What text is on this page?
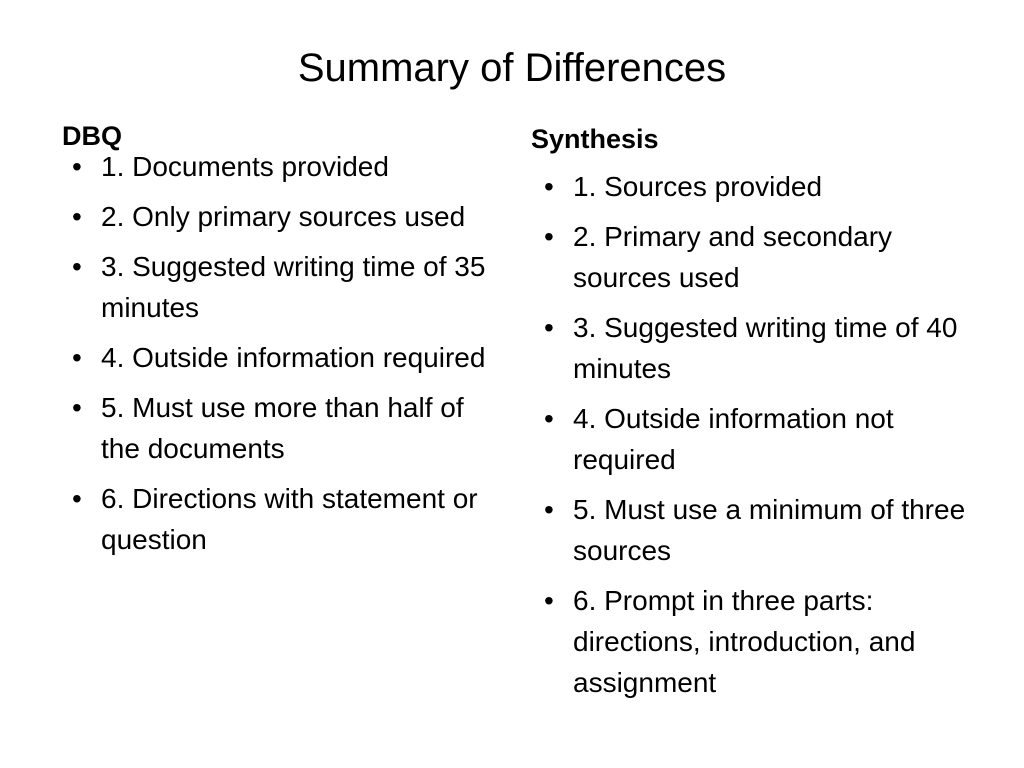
Summary of Differences
DBQ
• 1. Documents provided
• 2. Only primary sources used
• 3. Suggested writing time of 35 minutes
• 4. Outside information required
• 5. Must use more than half of the documents
• 6. Directions with statement or question
Synthesis
• 1. Sources provided
• 2. Primary and secondary sources used
• 3. Suggested writing time of 40 minutes
• 4. Outside information not required
• 5. Must use a minimum of three sources
• 6. Prompt in three parts: directions, introduction, and assignment
